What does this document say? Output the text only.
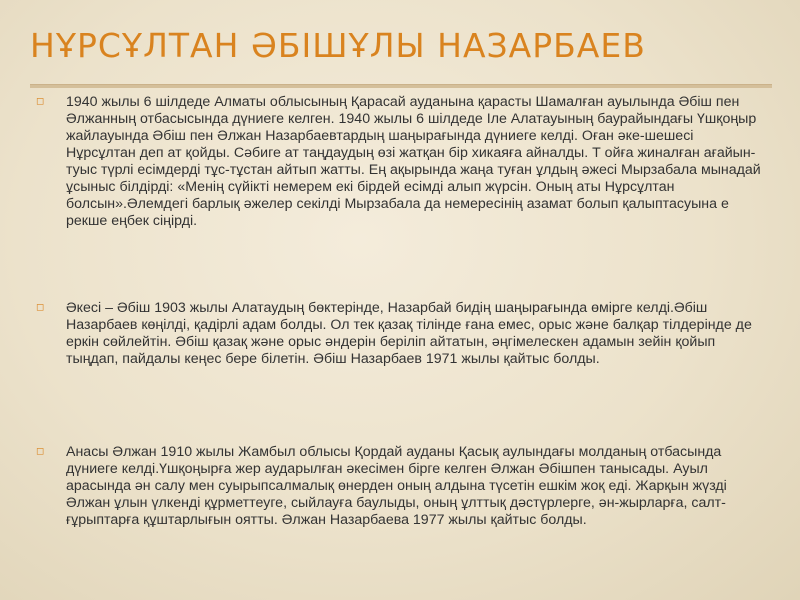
НҰРСҰЛТАН ӘБІШҰЛЫ НАЗАРБАЕВ
◻ 1940 жылы 6 шілдеде Алматы облысының Қарасай ауданына қарасты Шамалған ауылында Әбіш пен Әлжанның отбасысында дүниеге келген. 1940 жылы 6 шілдеде Іле Алатауының баурайындағы Үшқоңыр жайлауында Әбіш пен Әлжан Назарбаевтардың шаңырағында дүниеге келді. Оған әке-шешесі Нұрсұлтан деп ат қойды. Сәбиге ат таңдаудың өзі жатқан бір хикаяға айналды. Т ойға жиналған ағайын-туыс түрлі есімдерді тұс-тұстан айтып жатты. Ең ақырында жаңа туған ұлдың әжесі Мырзабала мынадай ұсыныс білдірді: «Менің сүйікті немерем екі бірдей есімді алып жүрсін. Оның аты Нұрсұлтан болсын».Әлемдегі барлық әжелер секілді Мырзабала да немересінің азамат болып қалыптасуына е рекше еңбек сіңірді.
◻ Әкесі – Әбіш 1903 жылы Алатаудың бөктерінде, Назарбай бидің шаңырағында өмірге келді.Әбіш Назарбаев көңілді, қадірлі адам болды. Ол тек қазақ тілінде ғана емес, орыс және балқар тілдерінде де еркін сөйлейтін. Әбіш қазақ және орыс әндерін беріліп айтатын, әңгімелескен адамын зейін қойып тыңдап, пайдалы кеңес бере білетін. Әбіш Назарбаев 1971 жылы қайтыс болды.
◻ Анасы Әлжан 1910 жылы Жамбыл облысы Қордай ауданы Қасық аулындағы молданың отбасында дүниеге келді.Үшқоңырға жер аударылған әкесімен бірге келген Әлжан Әбішпен танысады. Ауыл арасында ән салу мен суырыпсалмалық өнерден оның алдына түсетін ешкім жоқ еді. Жарқын жүзді Әлжан ұлын үлкенді құрметтеуге, сыйлауға баулыды, оның ұлттық дәстүрлерге, ән-жырларға, салт-ғұрыптарға құштарлығын оятты. Әлжан Назарбаева 1977 жылы қайтыс болды.
